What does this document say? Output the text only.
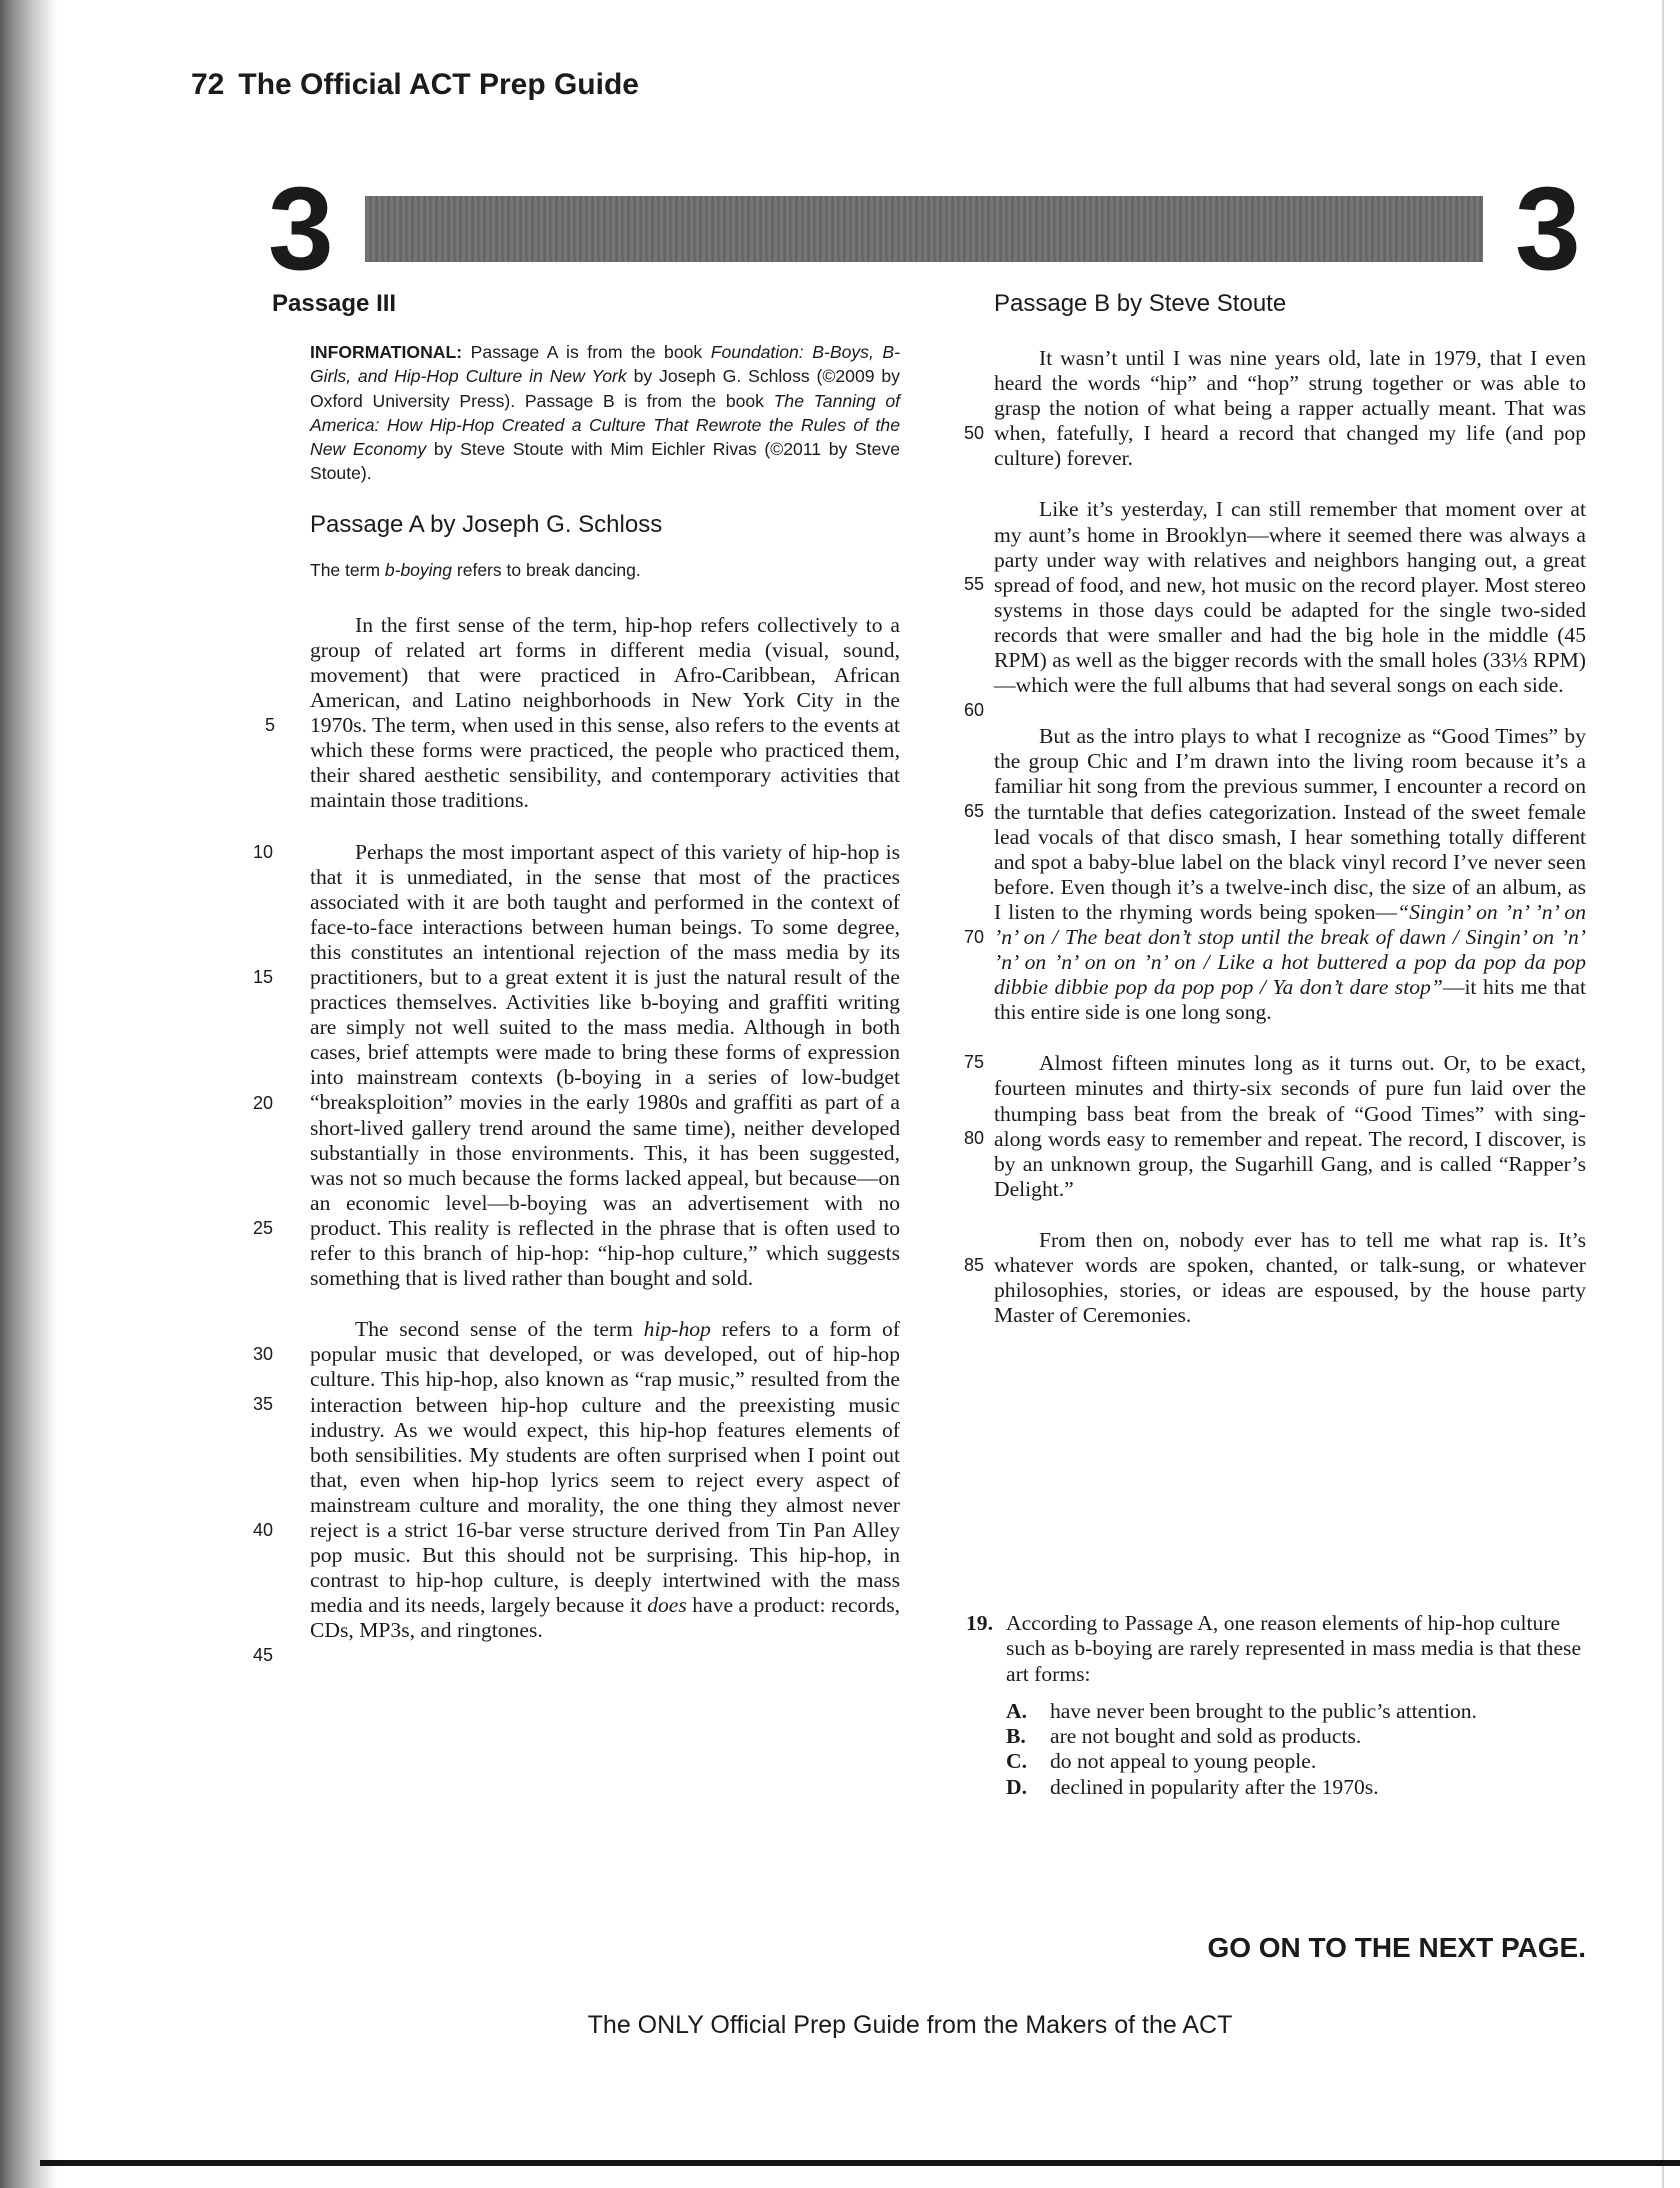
72 The Official ACT Prep Guide
3	3
Passage III
INFORMATIONAL: Passage A is from the book Foundation: B-Boys, B-Girls, and Hip-Hop Culture in New York by Joseph G. Schloss (©2009 by Oxford University Press). Passage B is from the book The Tanning of America: How Hip-Hop Created a Culture That Rewrote the Rules of the New Economy by Steve Stoute with Mim Eichler Rivas (©2011 by Steve Stoute).
Passage A by Joseph G. Schloss
The term b-boying refers to break dancing.

In the first sense of the term, hip-hop refers collectively to a group of related art forms in different media (visual, sound, movement) that were practiced in Afro-Caribbean, African American, and Latino neighborhoods in New York City in the 1970s. The term, when used in this sense, also refers to the events at which these forms were practiced, the people who practiced them, their shared aesthetic sensibility, and contemporary activities that maintain those traditions.
5

Perhaps the most important aspect of this variety of hip-hop is that it is unmediated, in the sense that most of the practices associated with it are both taught and performed in the context of face-to-face interactions between human beings. To some degree, this constitutes an intentional rejection of the mass media by its practitioners, but to a great extent it is just the natural result of the practices themselves. Activities like b-boying and graffiti writing are simply not well suited to the mass media. Although in both cases, brief attempts were made to bring these forms of expression into mainstream contexts (b-boying in a series of low-budget “breaksploition” movies in the early 1980s and graffiti as part of a short-lived gallery trend around the same time), neither developed substantially in those environments. This, it has been suggested, was not so much because the forms lacked appeal, but because—on an economic level—b-boying was an advertisement with no product. This reality is reflected in the phrase that is often used to refer to this branch of hip-hop: “hip-hop culture,” which suggests something that is lived rather than bought and sold.
10
15
20
25
30

The second sense of the term hip-hop refers to a form of popular music that developed, or was developed, out of hip-hop culture. This hip-hop, also known as “rap music,” resulted from the interaction between hip-hop culture and the preexisting music industry. As we would expect, this hip-hop features elements of both sensibilities. My students are often surprised when I point out that, even when hip-hop lyrics seem to reject every aspect of mainstream culture and morality, the one thing they almost never reject is a strict 16-bar verse structure derived from Tin Pan Alley pop music. But this should not be surprising. This hip-hop, in contrast to hip-hop culture, is deeply intertwined with the mass media and its needs, largely because it does have a product: records, CDs, MP3s, and ringtones.
35
40
45

Passage B by Steve Stoute

It wasn’t until I was nine years old, late in 1979, that I even heard the words “hip” and “hop” strung together or was able to grasp the notion of what being a rapper actually meant. That was when, fatefully, I heard a record that changed my life (and pop culture) forever.
50

Like it’s yesterday, I can still remember that moment over at my aunt’s home in Brooklyn—where it seemed there was always a party under way with relatives and neighbors hanging out, a great spread of food, and new, hot music on the record player. Most stereo systems in those days could be adapted for the single two-sided records that were smaller and had the big hole in the middle (45 RPM) as well as the bigger records with the small holes (33⅓ RPM)—which were the full albums that had several songs on each side.
55
60

But as the intro plays to what I recognize as “Good Times” by the group Chic and I’m drawn into the living room because it’s a familiar hit song from the previous summer, I encounter a record on the turntable that defies categorization. Instead of the sweet female lead vocals of that disco smash, I hear something totally different and spot a baby-blue label on the black vinyl record I’ve never seen before. Even though it’s a twelve-inch disc, the size of an album, as I listen to the rhyming words being spoken—“Singin’ on ’n’ ’n’ on ’n’ on / The beat don’t stop until the break of dawn / Singin’ on ’n’ ’n’ on ’n’ on on ’n’ on / Like a hot buttered a pop da pop da pop dibbie dibbie pop da pop pop / Ya don’t dare stop”—it hits me that this entire side is one long song.
65
70
75	Almost fifteen minutes long as it turns out. Or, to be exact, fourteen minutes and thirty-six seconds of pure fun laid over the thumping bass beat from the break of “Good Times” with sing-along words easy to remember and repeat. The record, I discover, is by an unknown group, the Sugarhill Gang, and is called “Rapper’s Delight.”
80

From then on, nobody ever has to tell me what rap is. It’s whatever words are spoken, chanted, or talk-sung, or whatever philosophies, stories, or ideas are espoused, by the house party Master of Ceremonies.
85

19. According to Passage A, one reason elements of hip-hop culture such as b-boying are rarely represented in mass media is that these art forms:
A. have never been brought to the public’s attention.
B. are not bought and sold as products.
C. do not appeal to young people.
D. declined in popularity after the 1970s.
GO ON TO THE NEXT PAGE.
The ONLY Official Prep Guide from the Makers of the ACT
